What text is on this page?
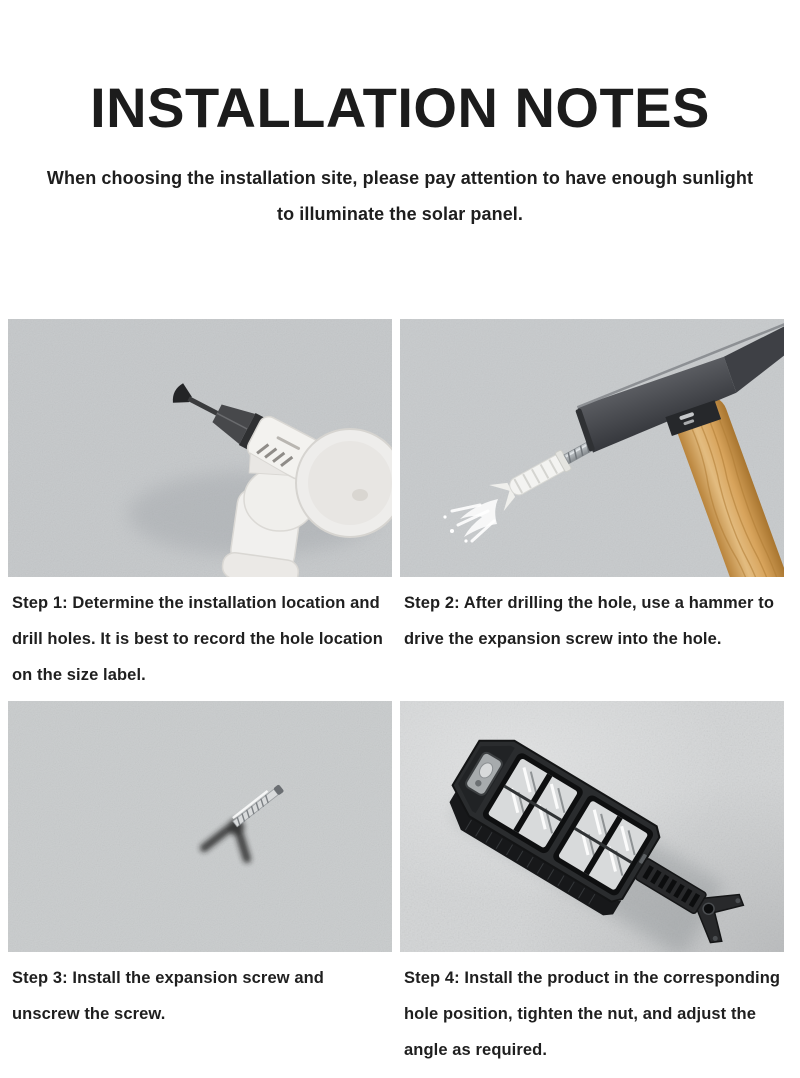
INSTALLATION NOTES

When choosing the installation site, please pay attention to have enough sunlight to illuminate the solar panel.

Step 1: Determine the installation location and drill holes. It is best to record the hole location on the size label.
Step 2: After drilling the hole, use a hammer to drive the expansion screw into the hole.
Step 3: Install the expansion screw and unscrew the screw.
Step 4: Install the product in the corresponding hole position, tighten the nut, and adjust the angle as required.
